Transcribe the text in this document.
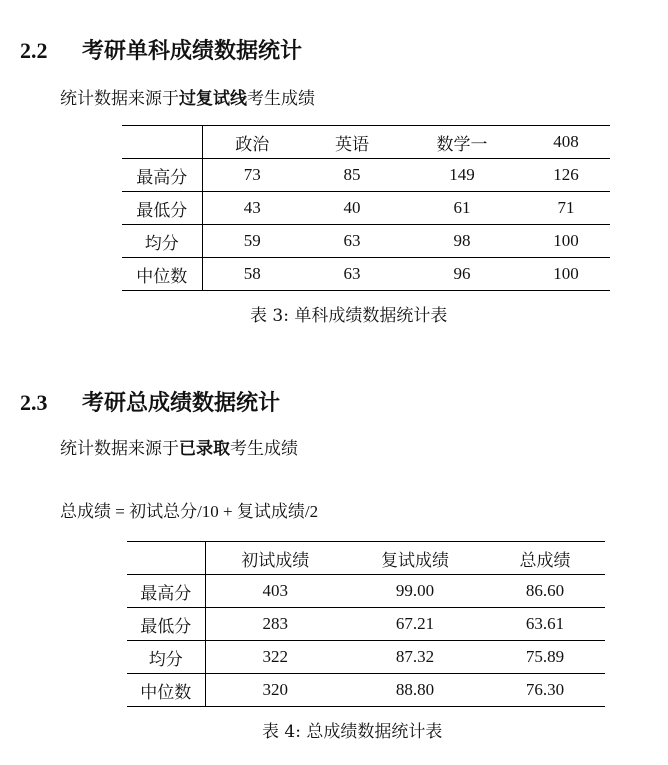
2.2	考研单科成绩数据统计
统计数据来源于过复试线考生成绩
	政治	英语	数学一	408
最高分	73	85	149	126
最低分	43	40	61	71
均分	59	63	98	100
中位数	58	63	96	100
表 3: 单科成绩数据统计表
2.3	考研总成绩数据统计
统计数据来源于已录取考生成绩
总成绩 = 初试总分/10 + 复试成绩/2
	初试成绩	复试成绩	总成绩
最高分	403	99.00	86.60
最低分	283	67.21	63.61
均分	322	87.32	75.89
中位数	320	88.80	76.30
表 4: 总成绩数据统计表
